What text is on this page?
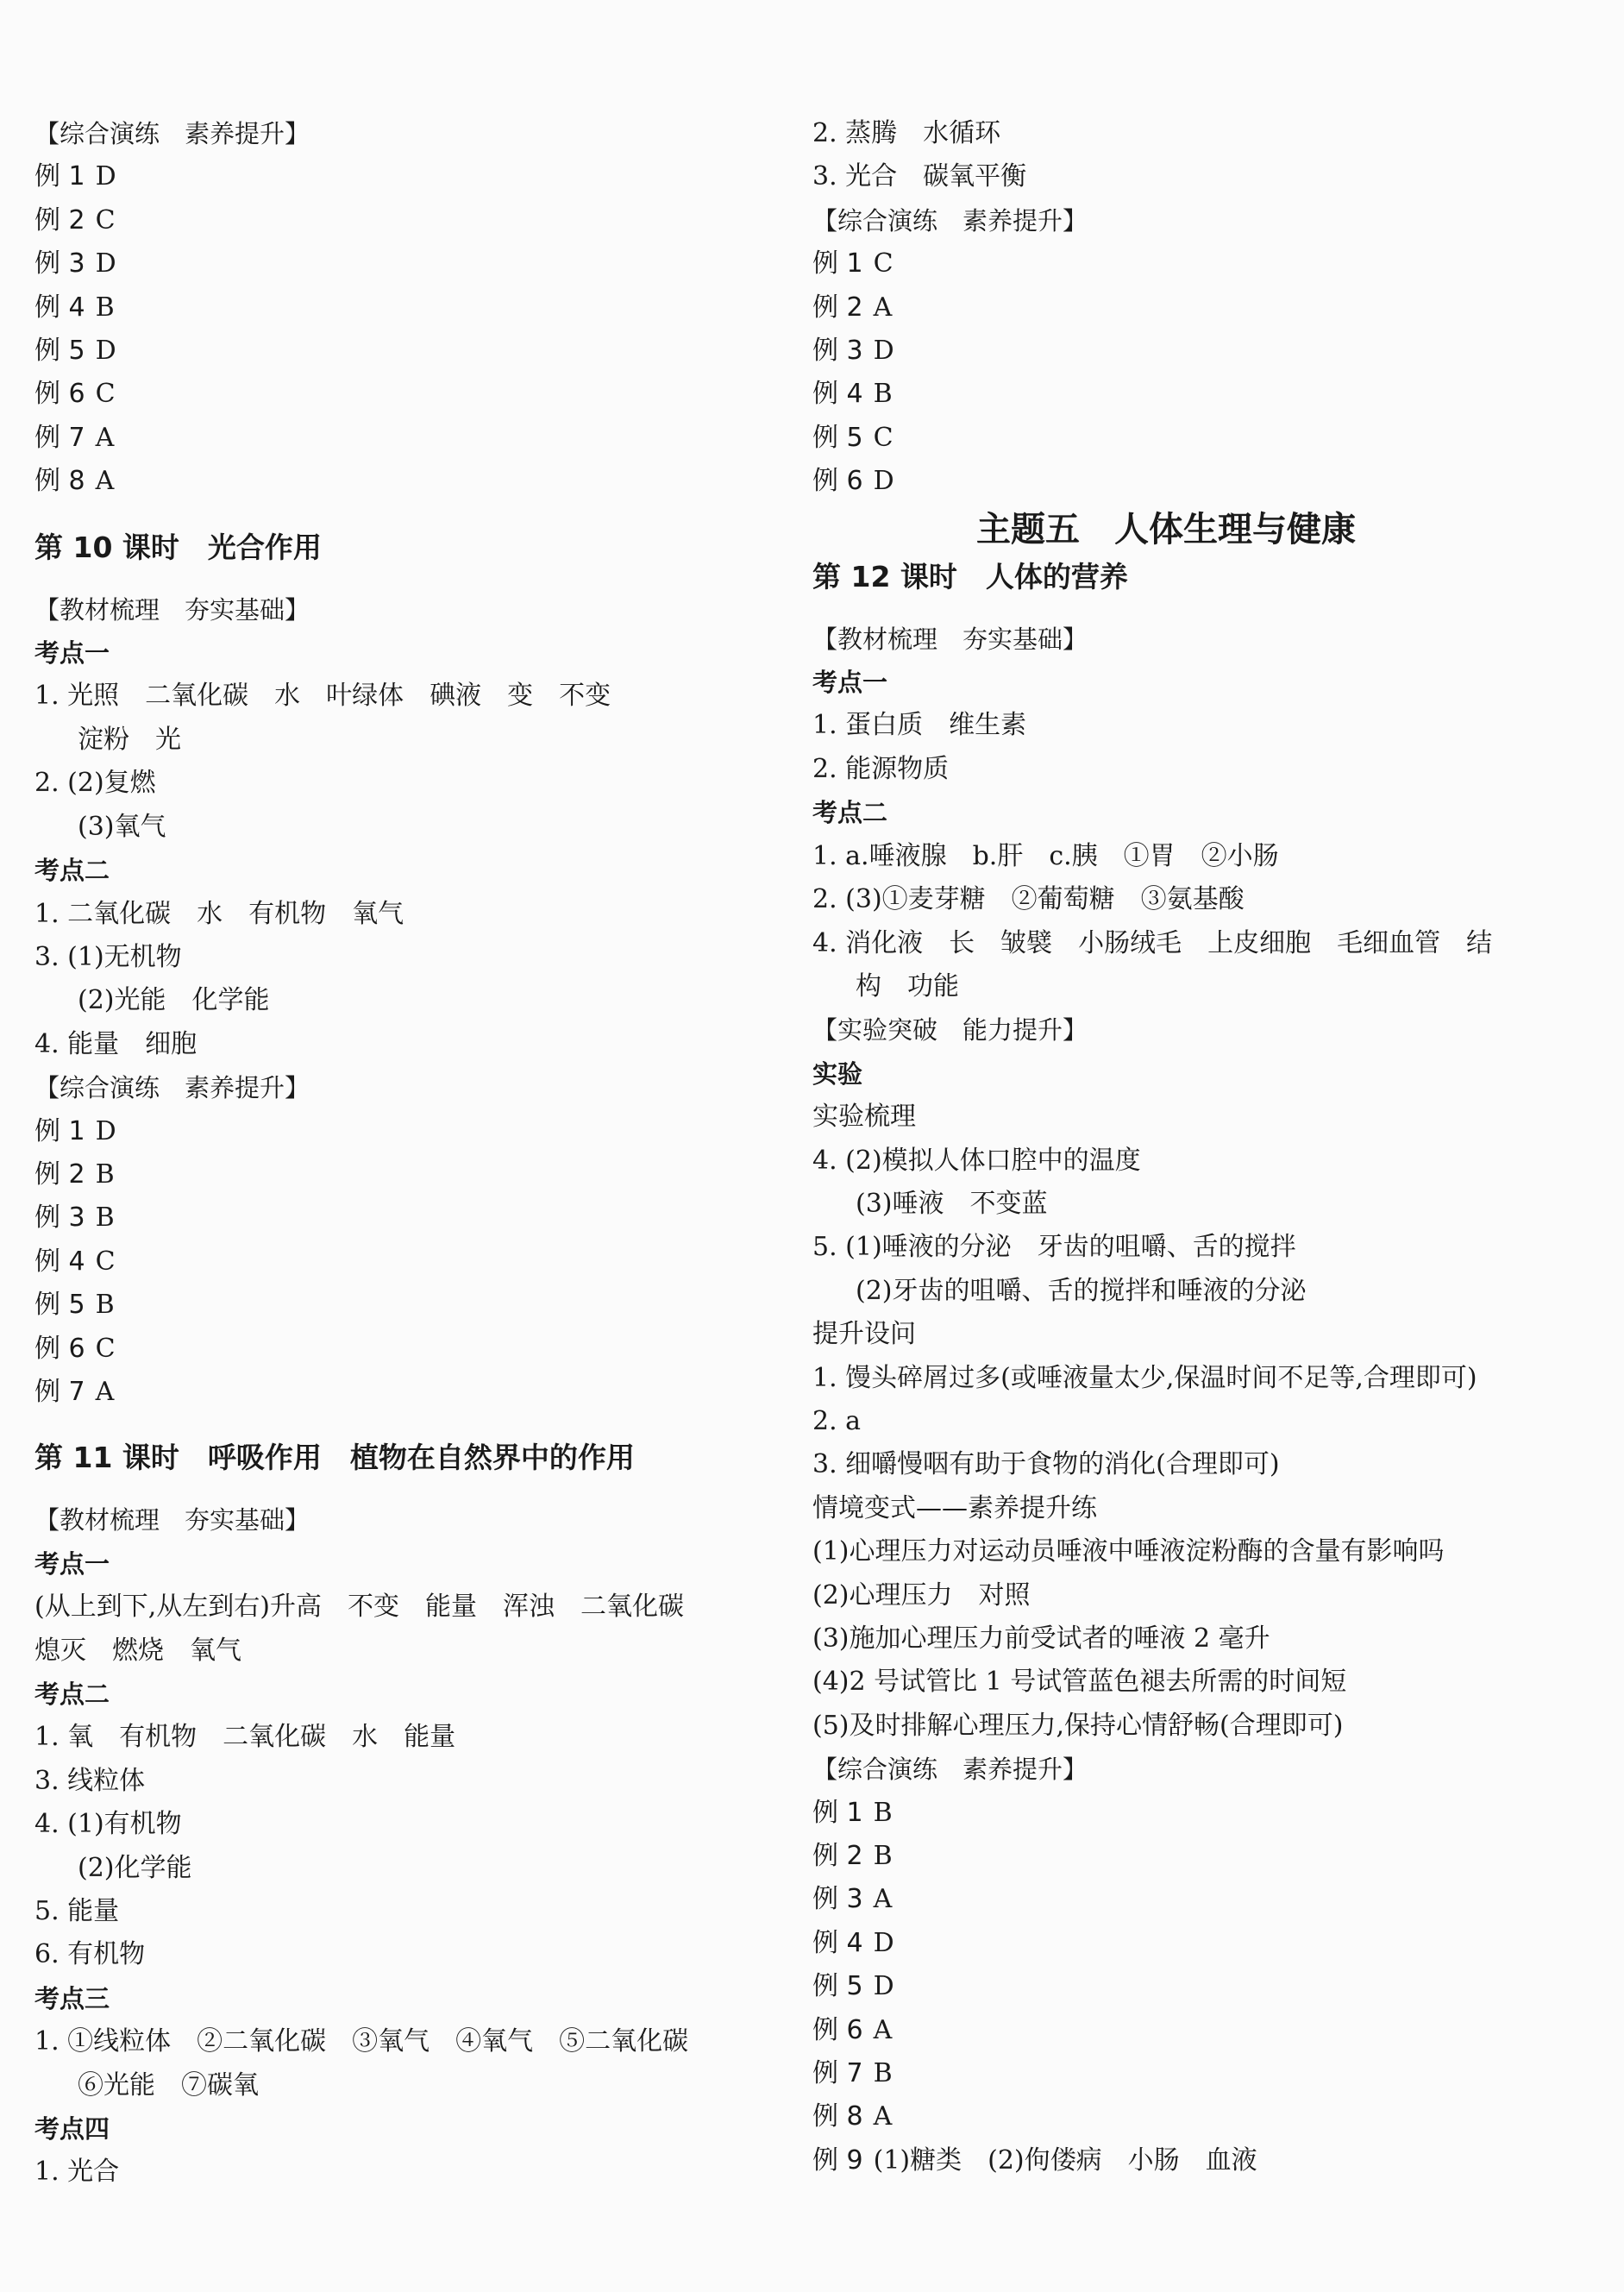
【综合演练　素养提升】
例 1 D
例 2 C
例 3 D
例 4 B
例 5 D
例 6 C
例 7 A
例 8 A
第 10 课时　光合作用
【教材梳理　夯实基础】
考点一
1. 光照　二氧化碳　水　叶绿体　碘液　变　不变
淀粉　光
2. (2)复燃
(3)氧气
考点二
1. 二氧化碳　水　有机物　氧气
3. (1)无机物
(2)光能　化学能
4. 能量　细胞
【综合演练　素养提升】
例 1 D
例 2 B
例 3 B
例 4 C
例 5 B
例 6 C
例 7 A
第 11 课时　呼吸作用　植物在自然界中的作用
【教材梳理　夯实基础】
考点一
(从上到下,从左到右)升高　不变　能量　浑浊　二氧化碳
熄灭　燃烧　氧气
考点二
1. 氧　有机物　二氧化碳　水　能量
3. 线粒体
4. (1)有机物
(2)化学能
5. 能量
6. 有机物
考点三
1. ①线粒体　②二氧化碳　③氧气　④氧气　⑤二氧化碳
⑥光能　⑦碳氧
考点四
1. 光合
2. 蒸腾　水循环
3. 光合　碳氧平衡
【综合演练　素养提升】
例 1 C
例 2 A
例 3 D
例 4 B
例 5 C
例 6 D
主题五　人体生理与健康
第 12 课时　人体的营养
【教材梳理　夯实基础】
考点一
1. 蛋白质　维生素
2. 能源物质
考点二
1. a.唾液腺　b.肝　c.胰　①胃　②小肠
2. (3)①麦芽糖　②葡萄糖　③氨基酸
4. 消化液　长　皱襞　小肠绒毛　上皮细胞　毛细血管　结
构　功能
【实验突破　能力提升】
实验
实验梳理
4. (2)模拟人体口腔中的温度
(3)唾液　不变蓝
5. (1)唾液的分泌　牙齿的咀嚼、舌的搅拌
(2)牙齿的咀嚼、舌的搅拌和唾液的分泌
提升设问
1. 馒头碎屑过多(或唾液量太少,保温时间不足等,合理即可)
2. a
3. 细嚼慢咽有助于食物的消化(合理即可)
情境变式——素养提升练
(1)心理压力对运动员唾液中唾液淀粉酶的含量有影响吗
(2)心理压力　对照
(3)施加心理压力前受试者的唾液 2 毫升
(4)2 号试管比 1 号试管蓝色褪去所需的时间短
(5)及时排解心理压力,保持心情舒畅(合理即可)
【综合演练　素养提升】
例 1 B
例 2 B
例 3 A
例 4 D
例 5 D
例 6 A
例 7 B
例 8 A
例 9 (1)糖类　(2)佝偻病　小肠　血液
